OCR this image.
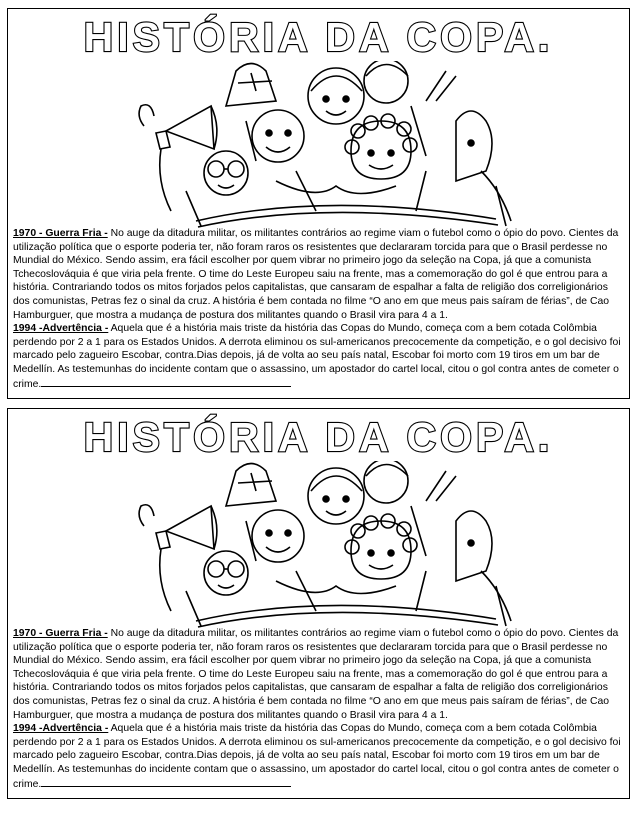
HISTÓRIA DA COPA.

1970 - Guerra Fria - No auge da ditadura militar, os militantes contrários ao regime viam o futebol como o ópio do povo. Cientes da utilização política que o esporte poderia ter, não foram raros os resistentes que declararam torcida para que o Brasil perdesse no Mundial do México. Sendo assim, era fácil escolher por quem vibrar no primeiro jogo da seleção na Copa, já que a comunista Tchecoslováquia é que viria pela frente. O time do Leste Europeu saiu na frente, mas a comemoração do gol é que entrou para a história. Contrariando todos os mitos forjados pelos capitalistas, que cansaram de espalhar a falta de religião dos correligionários dos comunistas, Petras fez o sinal da cruz. A história é bem contada no filme “O ano em que meus pais saíram de férias”, de Cao Hamburguer, que mostra a mudança de postura dos militantes quando o Brasil vira para 4 a 1.

1994 -Advertência - Aquela que é a história mais triste da história das Copas do Mundo, começa com a bem cotada Colômbia perdendo por 2 a 1 para os Estados Unidos. A derrota eliminou os sul-americanos precocemente da competição, e o gol decisivo foi marcado pelo zagueiro Escobar, contra.Dias depois, já de volta ao seu país natal, Escobar foi morto com 19 tiros em um bar de Medellín. As testemunhas do incidente contam que o assassino, um apostador do cartel local, citou o gol contra antes de cometer o crime.

HISTÓRIA DA COPA.

1970 - Guerra Fria - No auge da ditadura militar, os militantes contrários ao regime viam o futebol como o ópio do povo. Cientes da utilização política que o esporte poderia ter, não foram raros os resistentes que declararam torcida para que o Brasil perdesse no Mundial do México. Sendo assim, era fácil escolher por quem vibrar no primeiro jogo da seleção na Copa, já que a comunista Tchecoslováquia é que viria pela frente. O time do Leste Europeu saiu na frente, mas a comemoração do gol é que entrou para a história. Contrariando todos os mitos forjados pelos capitalistas, que cansaram de espalhar a falta de religião dos correligionários dos comunistas, Petras fez o sinal da cruz. A história é bem contada no filme “O ano em que meus pais saíram de férias”, de Cao Hamburguer, que mostra a mudança de postura dos militantes quando o Brasil vira para 4 a 1.

1994 -Advertência - Aquela que é a história mais triste da história das Copas do Mundo, começa com a bem cotada Colômbia perdendo por 2 a 1 para os Estados Unidos. A derrota eliminou os sul-americanos precocemente da competição, e o gol decisivo foi marcado pelo zagueiro Escobar, contra.Dias depois, já de volta ao seu país natal, Escobar foi morto com 19 tiros em um bar de Medellín. As testemunhas do incidente contam que o assassino, um apostador do cartel local, citou o gol contra antes de cometer o crime.
